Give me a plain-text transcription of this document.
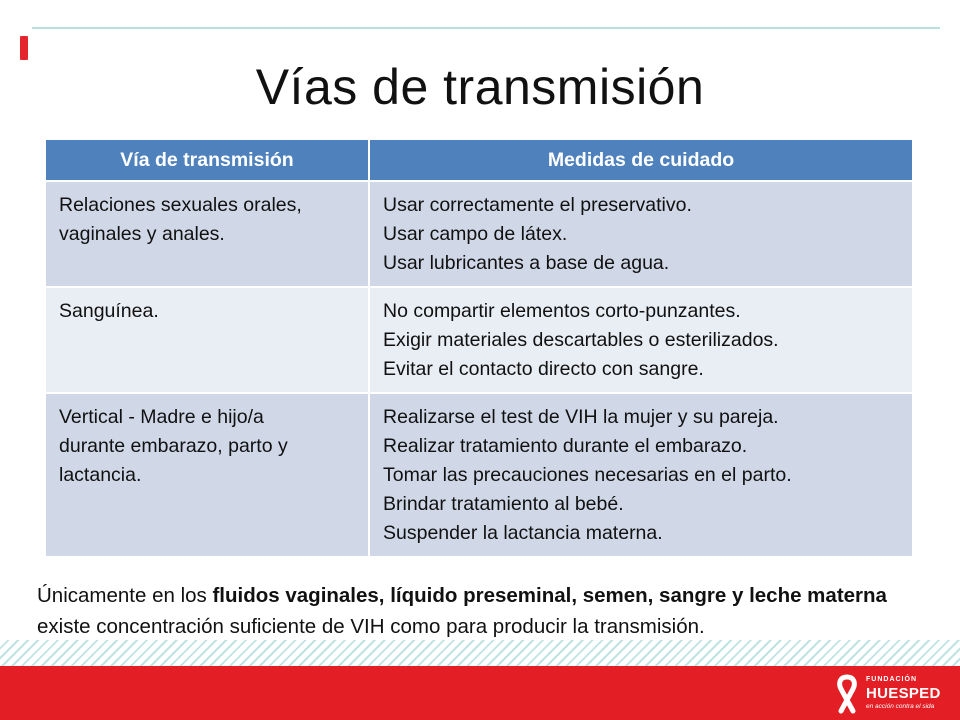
Vías de transmisión
Vía de transmisión	Medidas de cuidado

Relaciones sexuales orales,
vaginales y anales.	Usar correctamente el preservativo.
Usar campo de látex.
Usar lubricantes a base de agua.

Sanguínea.	No compartir elementos corto-punzantes.
Exigir materiales descartables o esterilizados.
Evitar el contacto directo con sangre.

Vertical - Madre e hijo/a
durante embarazo, parto y
lactancia.	Realizarse el test de VIH la mujer y su pareja.
Realizar tratamiento durante el embarazo.
Tomar las precauciones necesarias en el parto.
Brindar tratamiento al bebé.
Suspender la lactancia materna.
Únicamente en los fluidos vaginales, líquido preseminal, semen, sangre y leche materna existe concentración suficiente de VIH como para producir la transmisión.
FUNDACIÓN
HUESPED
en acción contra el sida
